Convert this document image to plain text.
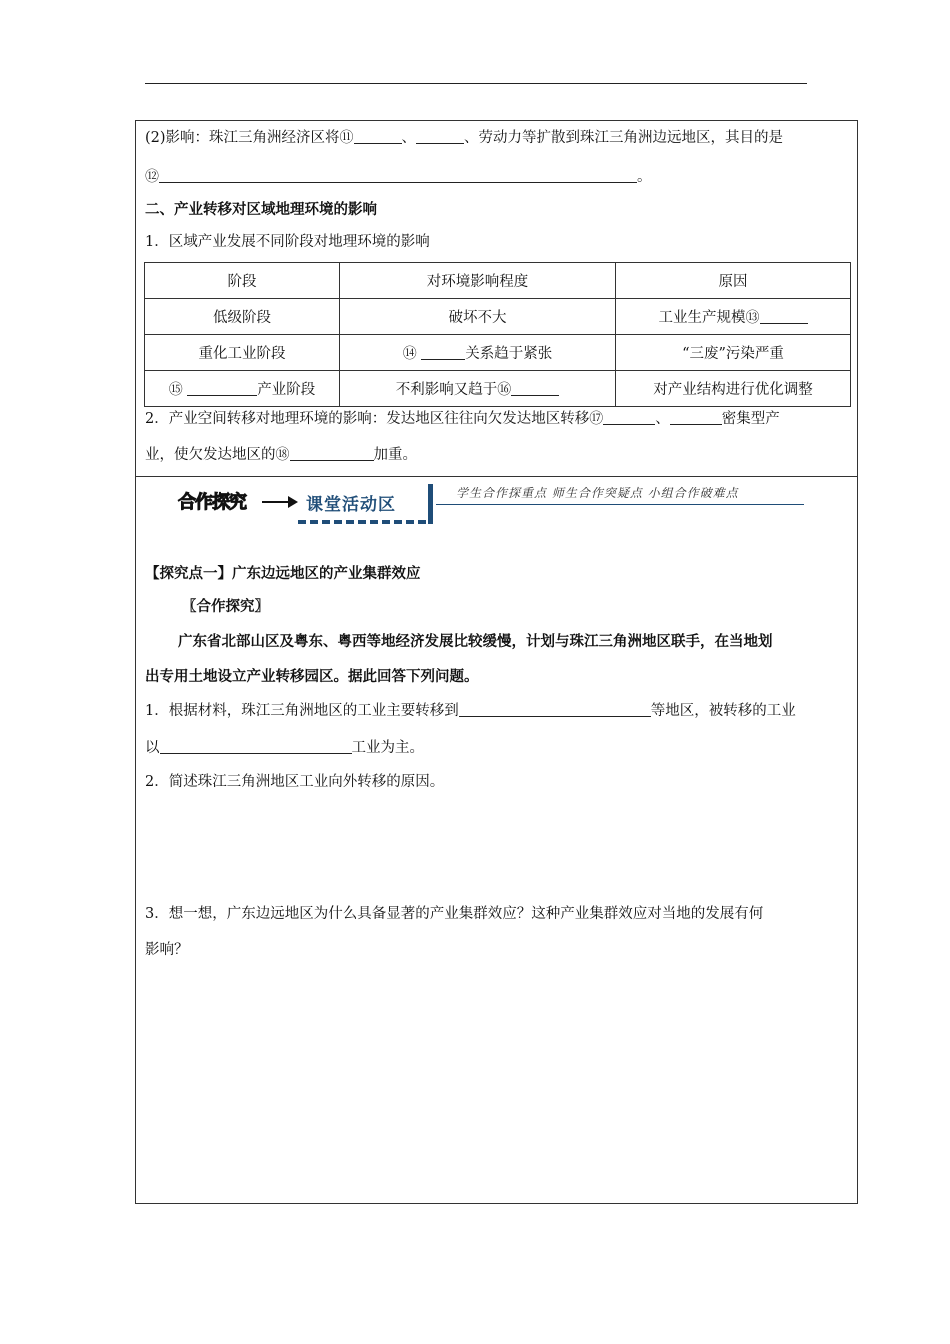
(2)影响：珠江三角洲经济区将⑪	、	、劳动力等扩散到珠江三角洲边远地区，其目的是
⑫	。
二、产业转移对区域地理环境的影响
1．区域产业发展不同阶段对地理环境的影响
阶段	对环境影响程度	原因
低级阶段	破坏不大	工业生产规模⑬
重化工业阶段	⑭ 关系趋于紧张	“三废”污染严重
⑮ 产业阶段	不利影响又趋于⑯	对产业结构进行优化调整
2．产业空间转移对地理环境的影响：发达地区往往向欠发达地区转移⑰	、	密集型产
业，使欠发达地区的⑱	加重。
合作探究	课堂活动区
学生合作探重点 师生合作突疑点 小组合作破难点
【探究点一】广东边远地区的产业集群效应
〖合作探究〗
广东省北部山区及粤东、粤西等地经济发展比较缓慢，计划与珠江三角洲地区联手，在当地划
出专用土地设立产业转移园区。据此回答下列问题。
1．根据材料，珠江三角洲地区的工业主要转移到	等地区，被转移的工业
以	工业为主。
2．简述珠江三角洲地区工业向外转移的原因。
3．想一想，广东边远地区为什么具备显著的产业集群效应？这种产业集群效应对当地的发展有何
影响？
